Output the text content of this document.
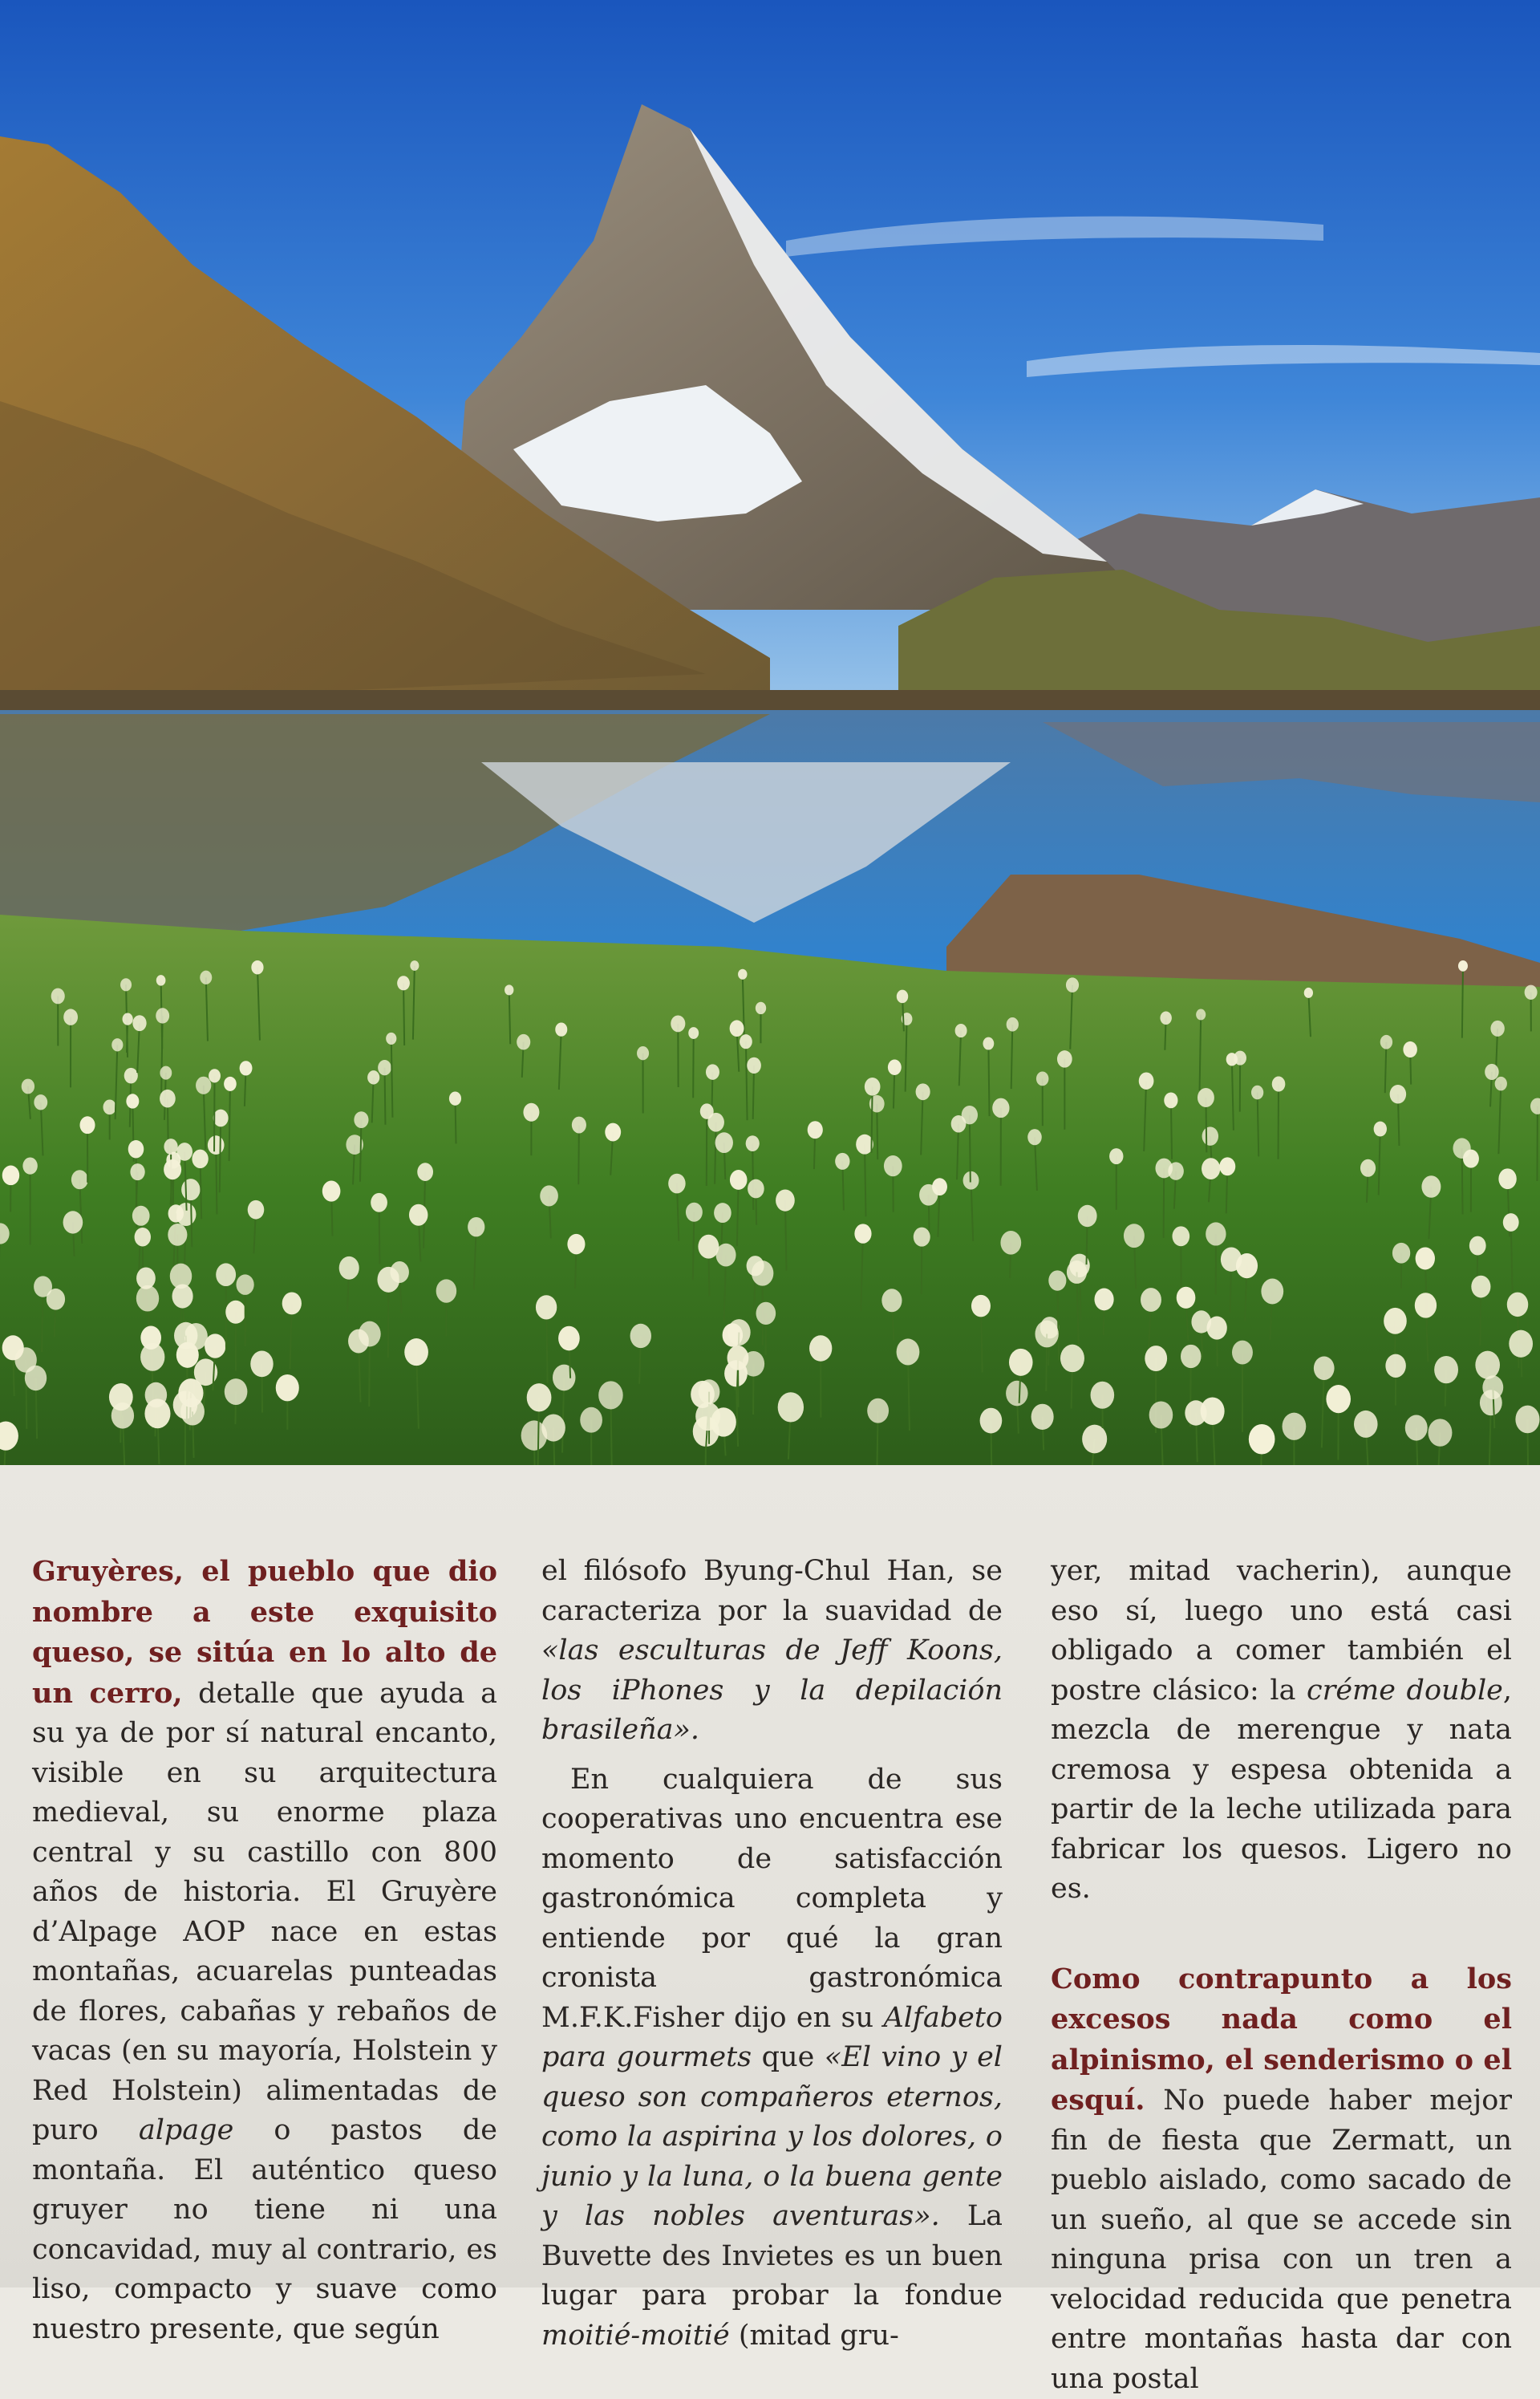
Gruyères, el pueblo que dio nombre a este exquisito queso, se sitúa en lo alto de un cerro, detalle que ayuda a su ya de por sí natural encanto, visible en su arquitectura medieval, su enorme plaza central y su castillo con 800 años de historia. El Gruyère d’Alpage AOP nace en estas montañas, acuarelas punteadas de flores, cabañas y rebaños de vacas (en su mayoría, Holstein y Red Holstein) alimentadas de puro alpage o pastos de montaña. El auténtico queso gruyer no tiene ni una concavidad, muy al contrario, es liso, compacto y suave como nuestro presente, que según

el filósofo Byung-Chul Han, se caracteriza por la suavidad de «las esculturas de Jeff Koons, los iPhones y la depilación brasileña».

En cualquiera de sus cooperativas uno encuentra ese momento de satisfacción gastronómica completa y entiende por qué la gran cronista gastronómica M.F.K.Fisher dijo en su Alfabeto para gourmets que «El vino y el queso son compañeros eternos, como la aspirina y los dolores, o junio y la luna, o la buena gente y las nobles aventuras». La Buvette des Invietes es un buen lugar para probar la fondue moitié-moitié (mitad gru-

yer, mitad vacherin), aunque eso sí, luego uno está casi obligado a comer también el postre clásico: la créme double, mezcla de merengue y nata cremosa y espesa obtenida a partir de la leche utilizada para fabricar los quesos. Ligero no es.

Como contrapunto a los excesos nada como el alpinismo, el senderismo o el esquí. No puede haber mejor fin de fiesta que Zermatt, un pueblo aislado, como sacado de un sueño, al que se accede sin ninguna prisa con un tren a velocidad reducida que penetra entre montañas hasta dar con una postal
